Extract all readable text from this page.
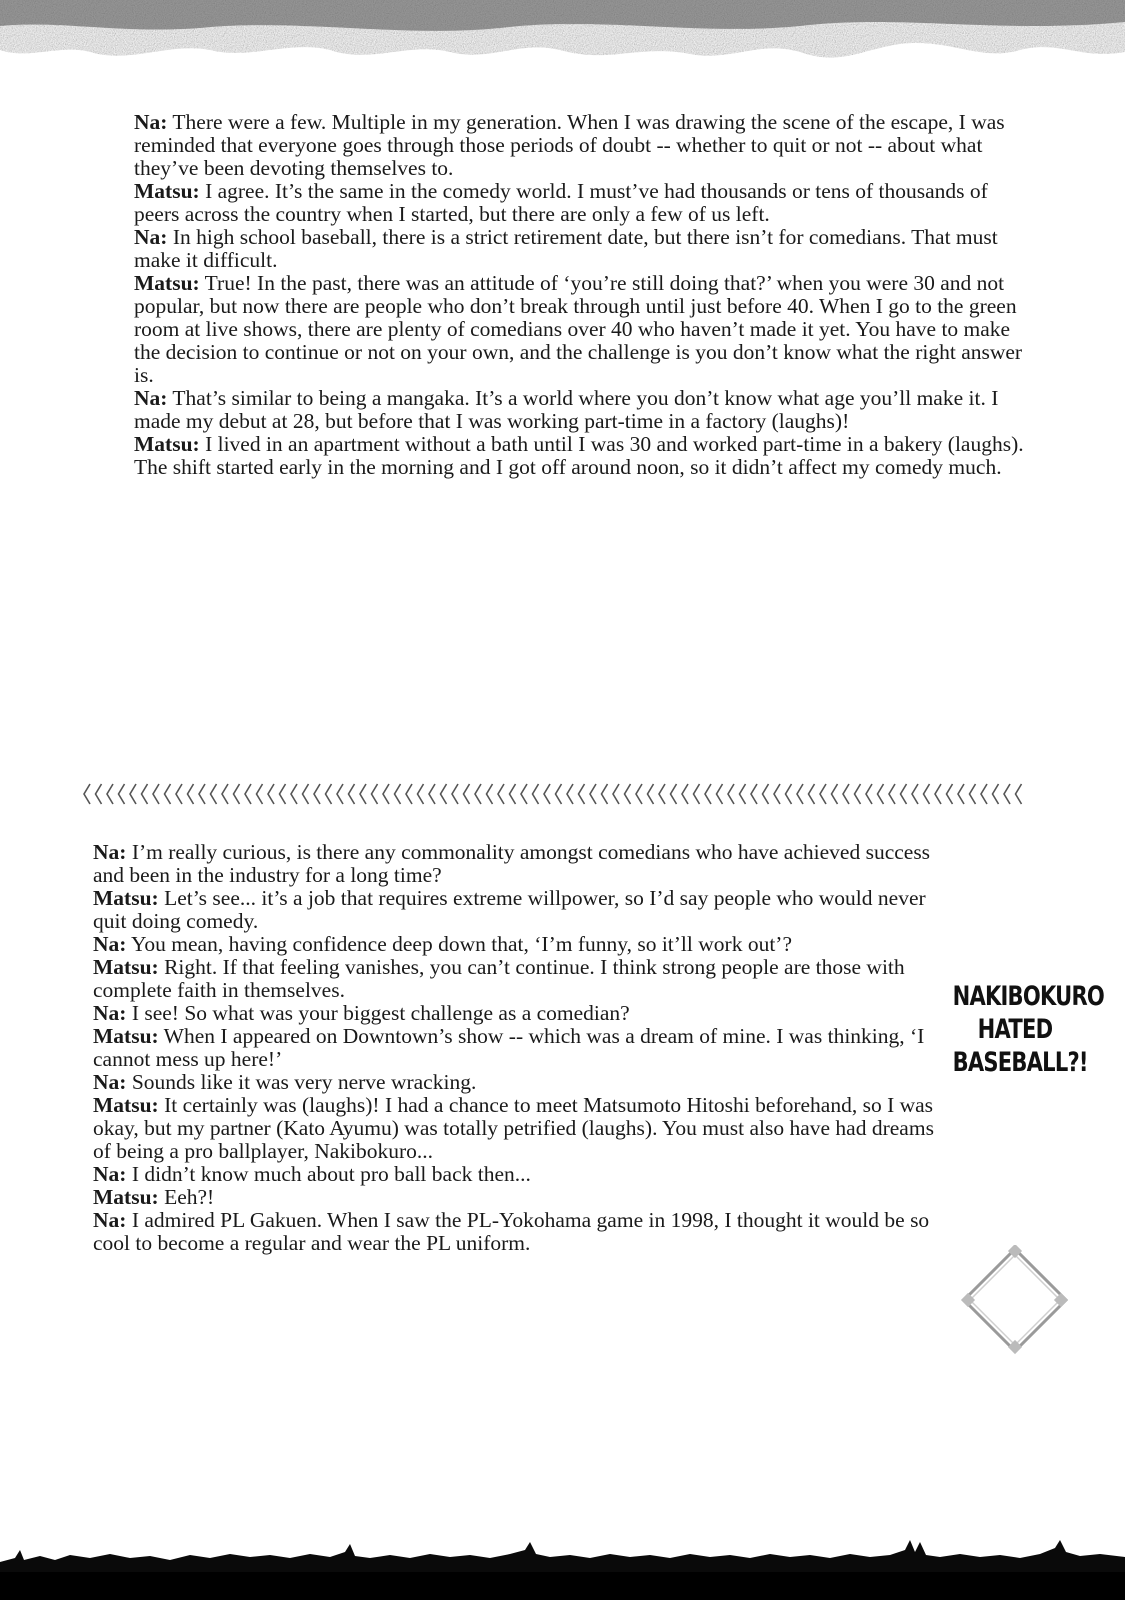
Na: There were a few. Multiple in my generation. When I was drawing the scene of the escape, I was reminded that everyone goes through those periods of doubt -- whether to quit or not -- about what they’ve been devoting themselves to.

Matsu: I agree. It’s the same in the comedy world. I must’ve had thousands or tens of thousands of peers across the country when I started, but there are only a few of us left.

Na: In high school baseball, there is a strict retirement date, but there isn’t for comedians. That must make it difficult.

Matsu: True! In the past, there was an attitude of ‘you’re still doing that?’ when you were 30 and not popular, but now there are people who don’t break through until just before 40. When I go to the green room at live shows, there are plenty of comedians over 40 who haven’t made it yet. You have to make the decision to continue or not on your own, and the challenge is you don’t know what the right answer is.

Na: That’s similar to being a mangaka. It’s a world where you don’t know what age you’ll make it. I made my debut at 28, but before that I was working part-time in a factory (laughs)!

Matsu: I lived in an apartment without a bath until I was 30 and worked part-time in a bakery (laughs). The shift started early in the morning and I got off around noon, so it didn’t affect my comedy much.

Na: I’m really curious, is there any commonality amongst comedians who have achieved success and been in the industry for a long time?

Matsu: Let’s see... it’s a job that requires extreme willpower, so I’d say people who would never quit doing comedy.

Na: You mean, having confidence deep down that, ‘I’m funny, so it’ll work out’?

Matsu: Right. If that feeling vanishes, you can’t continue. I think strong people are those with complete faith in themselves.

Na: I see! So what was your biggest challenge as a comedian?

Matsu: When I appeared on Downtown’s show -- which was a dream of mine. I was thinking, ‘I cannot mess up here!’

Na: Sounds like it was very nerve wracking.

Matsu: It certainly was (laughs)! I had a chance to meet Matsumoto Hitoshi beforehand, so I was okay, but my partner (Kato Ayumu) was totally petrified (laughs). You must also have had dreams of being a pro ballplayer, Nakibokuro...

Na: I didn’t know much about pro ball back then...

Matsu: Eeh?!

Na: I admired PL Gakuen. When I saw the PL-Yokohama game in 1998, I thought it would be so cool to become a regular and wear the PL uniform.

NAKIBOKURO
HATED
BASEBALL?!
